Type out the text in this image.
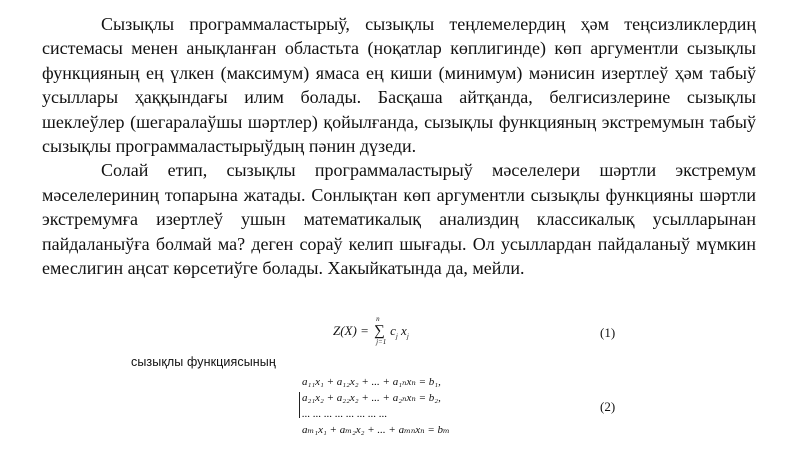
Сызықлы программаластырыў, сызықлы теңлемелердиң ҳәм теңсизликлердиң системасы менен анықланған областьта (ноқатлар көплигинде) көп аргументли сызықлы функцияның ең үлкен (максимум) ямаса ең киши (минимум) мәнисин изертлеў ҳәм табыў усыллары ҳаққындағы илим болады. Басқаша айтқанда, белгисизлерине сызықлы шеклеўлер (шегаралаўшы шәртлер) қойылғанда, сызықлы функцияның экстремумын табыў сызықлы программаластырыўдың пәнин дүзеди.

Солай етип, сызықлы программаластырыў мәселелери шәртли экстремум мәселелериниң топарына жатады. Сонлықтан көп аргументли сызықлы функцияны шәртли экстремумға изертлеў ушын математикалық анализдиң классикалық усылларынан пайдаланыўға болмай ма? деген сораў келип шығады. Ол усыллардан пайдаланыў мүмкин емеслигин аңсат көрсетиўге болады. Хакыйкатында да, мейли.

Z(X) =
n
∑
j=1
$c_j$ $x_j$	(1)
сызықлы функциясының
a₁₁x₁ + a₁₂x₂ + ... + a₁ₙxₙ = b₁,
a₂₁x₂ + a₂₂x₂ + ... + a₂ₙxₙ = b₂,
... ... ... ... ... ... ... ...
aₘ₁x₁ + aₘ₂x₂ + ... + aₘₙxₙ = bₘ
(2)
